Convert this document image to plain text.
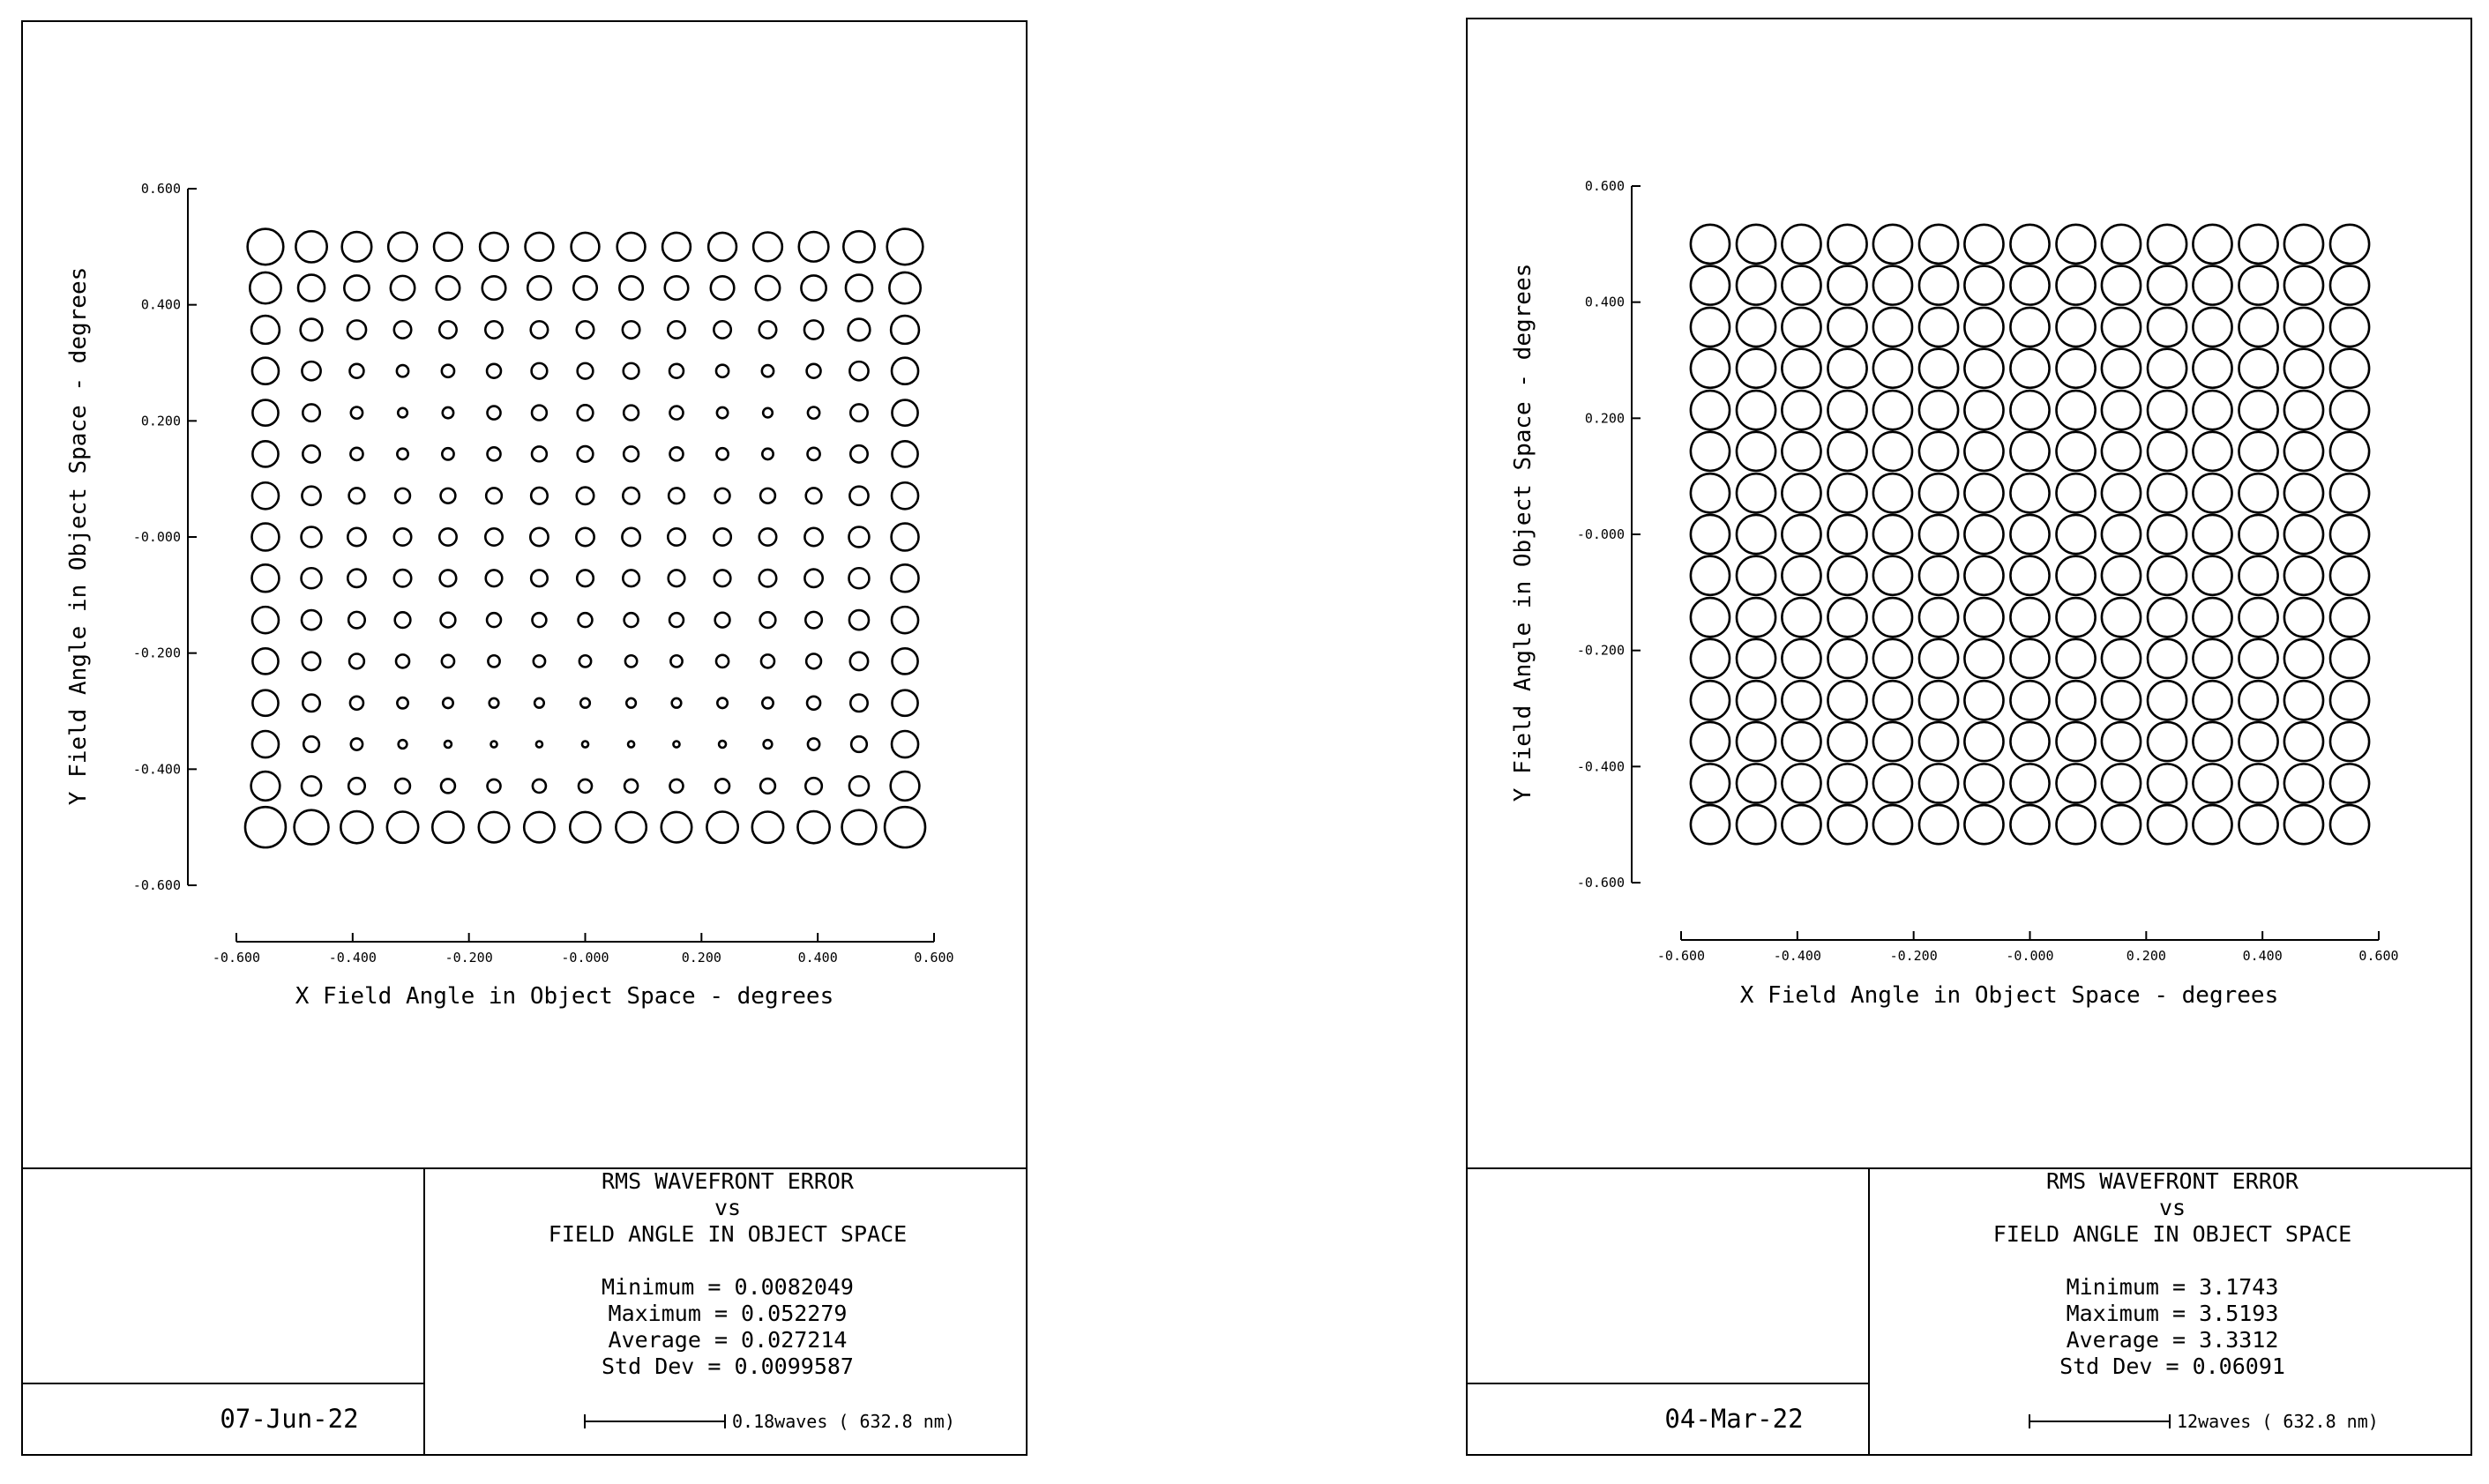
0.600
0.400
0.200
-0.000
-0.200
-0.400
-0.600
-0.600	-0.400	-0.200	-0.000	0.200	0.400	0.600
X Field Angle in Object Space - degrees
Y Field Angle in Object Space - degrees
RMS WAVEFRONT ERROR
vs
FIELD ANGLE IN OBJECT SPACE
Minimum = 0.0082049
Maximum = 0.052279
Average = 0.027214
Std Dev = 0.0099587
07-Jun-22	0.18waves ( 632.8 nm)
0.600
0.400
0.200
-0.000
-0.200
-0.400
-0.600
-0.600	-0.400	-0.200	-0.000	0.200	0.400	0.600
X Field Angle in Object Space - degrees
Y Field Angle in Object Space - degrees
RMS WAVEFRONT ERROR
vs
FIELD ANGLE IN OBJECT SPACE
Minimum = 3.1743
Maximum = 3.5193
Average = 3.3312
Std Dev = 0.06091
04-Mar-22	12waves ( 632.8 nm)
